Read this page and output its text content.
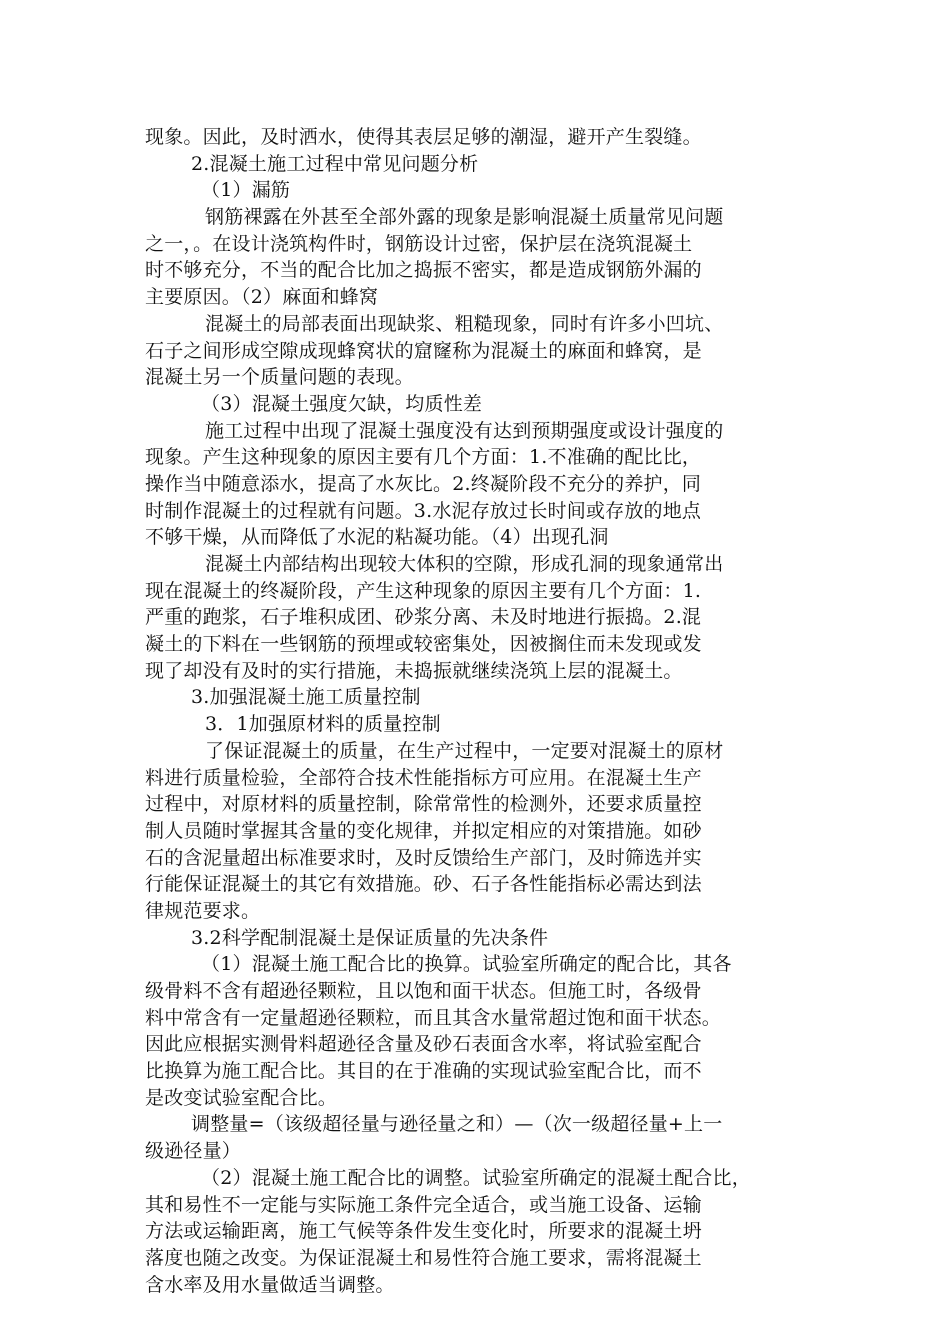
现象。因此，及时洒水，使得其表层足够的潮湿，避开产生裂缝。
2.混凝土施工过程中常见问题分析
（1）漏筋
钢筋裸露在外甚至全部外露的现象是影响混凝土质量常见问题
之一，。在设计浇筑构件时，钢筋设计过密，保护层在浇筑混凝土
时不够充分，不当的配合比加之捣振不密实，都是造成钢筋外漏的
主要原因。（2）麻面和蜂窝
混凝土的局部表面出现缺浆、粗糙现象，同时有许多小凹坑、
石子之间形成空隙成现蜂窝状的窟窿称为混凝土的麻面和蜂窝，是
混凝土另一个质量问题的表现。
（3）混凝土强度欠缺，均质性差
施工过程中出现了混凝土强度没有达到预期强度或设计强度的
现象。产生这种现象的原因主要有几个方面：1.不准确的配比比，
操作当中随意添水，提高了水灰比。2.终凝阶段不充分的养护，同
时制作混凝土的过程就有问题。3.水泥存放过长时间或存放的地点
不够干燥，从而降低了水泥的粘凝功能。（4）出现孔洞
混凝土内部结构出现较大体积的空隙，形成孔洞的现象通常出
现在混凝土的终凝阶段，产生这种现象的原因主要有几个方面：1.
严重的跑浆，石子堆积成团、砂浆分离、未及时地进行振捣。2.混
凝土的下料在一些钢筋的预埋或较密集处，因被搁住而未发现或发
现了却没有及时的实行措施，未捣振就继续浇筑上层的混凝土。
3.加强混凝土施工质量控制
3．1加强原材料的质量控制
了保证混凝土的质量，在生产过程中，一定要对混凝土的原材
料进行质量检验，全部符合技术性能指标方可应用。在混凝土生产
过程中，对原材料的质量控制，除常常性的检测外，还要求质量控
制人员随时掌握其含量的变化规律，并拟定相应的对策措施。如砂
石的含泥量超出标准要求时，及时反馈给生产部门，及时筛选并实
行能保证混凝土的其它有效措施。砂、石子各性能指标必需达到法
律规范要求。
3.2科学配制混凝土是保证质量的先决条件
（1）混凝土施工配合比的换算。试验室所确定的配合比，其各
级骨料不含有超逊径颗粒，且以饱和面干状态。但施工时，各级骨
料中常含有一定量超逊径颗粒，而且其含水量常超过饱和面干状态。
因此应根据实测骨料超逊径含量及砂石表面含水率，将试验室配合
比换算为施工配合比。其目的在于准确的实现试验室配合比，而不
是改变试验室配合比。
调整量=（该级超径量与逊径量之和）—（次一级超径量+上一
级逊径量）
（2）混凝土施工配合比的调整。试验室所确定的混凝土配合比，
其和易性不一定能与实际施工条件完全适合，或当施工设备、运输
方法或运输距离，施工气候等条件发生变化时，所要求的混凝土坍
落度也随之改变。为保证混凝土和易性符合施工要求，需将混凝土
含水率及用水量做适当调整。
